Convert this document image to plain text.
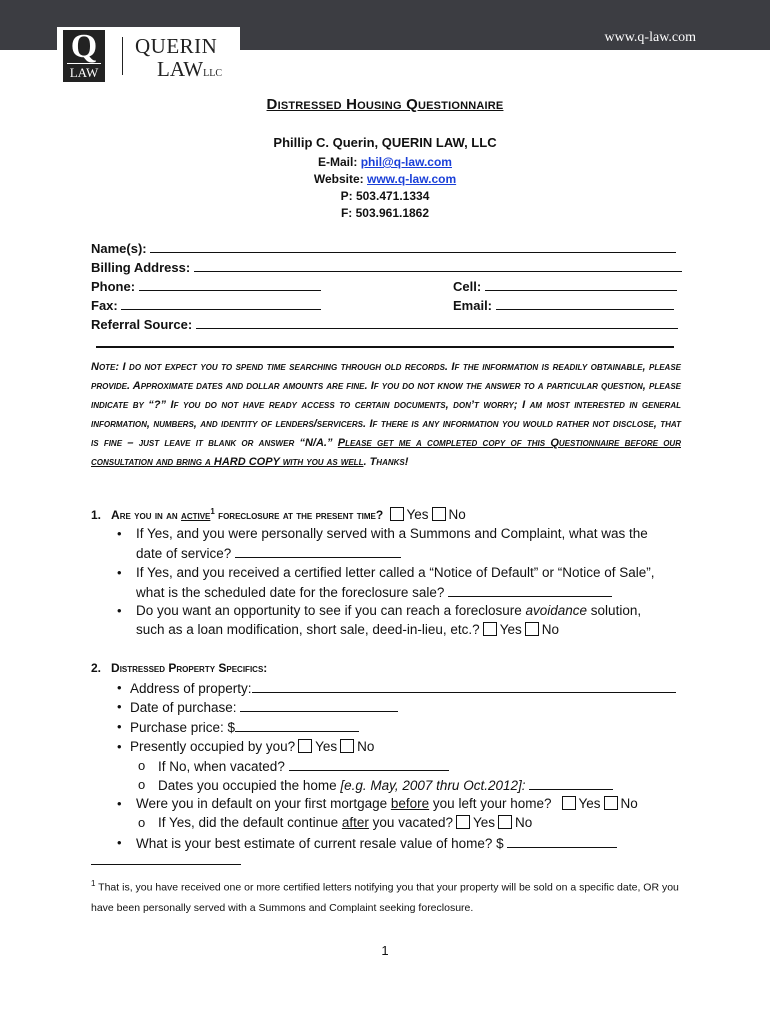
www.q-law.com
Q
LAW
QUERIN
LAWLLC
Distressed Housing Questionnaire
Phillip C. Querin, QUERIN LAW, LLC
E-Mail: phil@q-law.com
Website: www.q-law.com
P: 503.471.1334
F: 503.961.1862
Name(s):
Billing Address:
Phone:	Cell:
Fax:	Email:
Referral Source:
Note: I do not expect you to spend time searching through old records. If the information is readily obtainable, please provide. Approximate dates and dollar amounts are fine. If you do not know the answer to a particular question, please indicate by “?” If you do not have ready access to certain documents, don’t worry; I am most interested in general information, numbers, and identity of lenders/servicers. If there is any information you would rather not disclose, that is fine – just leave it blank or answer “N/A.” Please get me a completed copy of this Questionnaire before our consultation and bring a HARD COPY with you as well. Thanks!
1. Are you in an active$^1$ foreclosure at the present time? Yes No
• If Yes, and you were personally served with a Summons and Complaint, what was the
date of service?
• If Yes, and you received a certified letter called a “Notice of Default” or “Notice of Sale”,
what is the scheduled date for the foreclosure sale?
• Do you want an opportunity to see if you can reach a foreclosure avoidance solution,
such as a loan modification, short sale, deed-in-lieu, etc.? Yes No
2. Distressed Property Specifics:
• Address of property:
• Date of purchase:
• Purchase price: $
• Presently occupied by you? Yes No
o If No, when vacated?
o Dates you occupied the home [e.g. May, 2007 thru Oct.2012]:
• Were you in default on your first mortgage before you left your home? Yes No
o If Yes, did the default continue after you vacated? Yes No
• What is your best estimate of current resale value of home? $
$^1$ That is, you have received one or more certified letters notifying you that your property will be sold on a specific date, OR you have been personally served with a Summons and Complaint seeking foreclosure.
1
